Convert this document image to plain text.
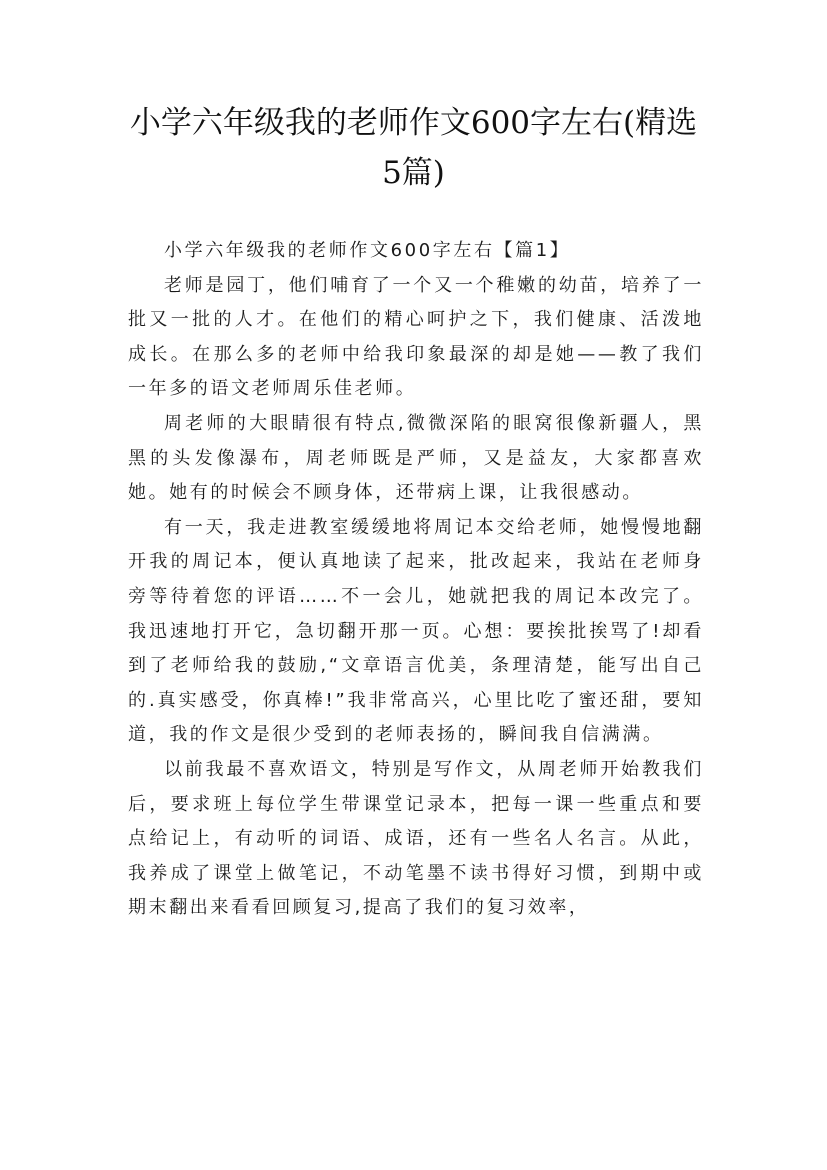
小学六年级我的老师作文600字左右(精选
5篇)

小学六年级我的老师作文600字左右【篇1】

老师是园丁，他们哺育了一个又一个稚嫩的幼苗，培养了一批又一批的人才。在他们的精心呵护之下，我们健康、活泼地成长。在那么多的老师中给我印象最深的却是她——教了我们一年多的语文老师周乐佳老师。

周老师的大眼睛很有特点,微微深陷的眼窝很像新疆人，黑黑的头发像瀑布，周老师既是严师，又是益友，大家都喜欢她。她有的时候会不顾身体，还带病上课，让我很感动。

有一天，我走进教室缓缓地将周记本交给老师，她慢慢地翻开我的周记本，便认真地读了起来，批改起来，我站在老师身旁等待着您的评语……不一会儿，她就把我的周记本改完了。我迅速地打开它，急切翻开那一页。心想：要挨批挨骂了!却看到了老师给我的鼓励,“文章语言优美，条理清楚，能写出自己的.真实感受，你真棒!”我非常高兴，心里比吃了蜜还甜，要知道，我的作文是很少受到的老师表扬的，瞬间我自信满满。

以前我最不喜欢语文，特别是写作文，从周老师开始教我们后，要求班上每位学生带课堂记录本，把每一课一些重点和要点给记上，有动听的词语、成语，还有一些名人名言。从此，我养成了课堂上做笔记，不动笔墨不读书得好习惯，到期中或期末翻出来看看回顾复习,提高了我们的复习效率，
